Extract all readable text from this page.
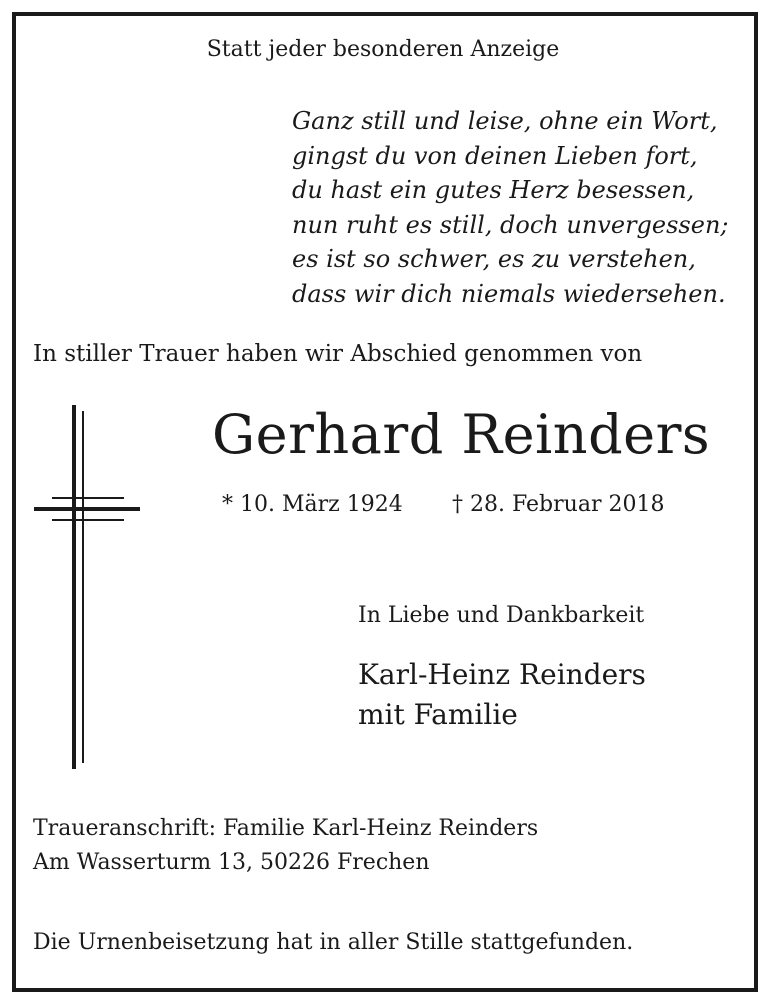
Statt jeder besonderen Anzeige
Ganz still und leise, ohne ein Wort,
gingst du von deinen Lieben fort,
du hast ein gutes Herz besessen,
nun ruht es still, doch unvergessen;
es ist so schwer, es zu verstehen,
dass wir dich niemals wiedersehen.
In stiller Trauer haben wir Abschied genommen von
Gerhard Reinders
* 10. März 1924 † 28. Februar 2018
In Liebe und Dankbarkeit
Karl-Heinz Reinders
mit Familie
Traueranschrift: Familie Karl-Heinz Reinders
Am Wasserturm 13, 50226 Frechen
Die Urnenbeisetzung hat in aller Stille stattgefunden.
